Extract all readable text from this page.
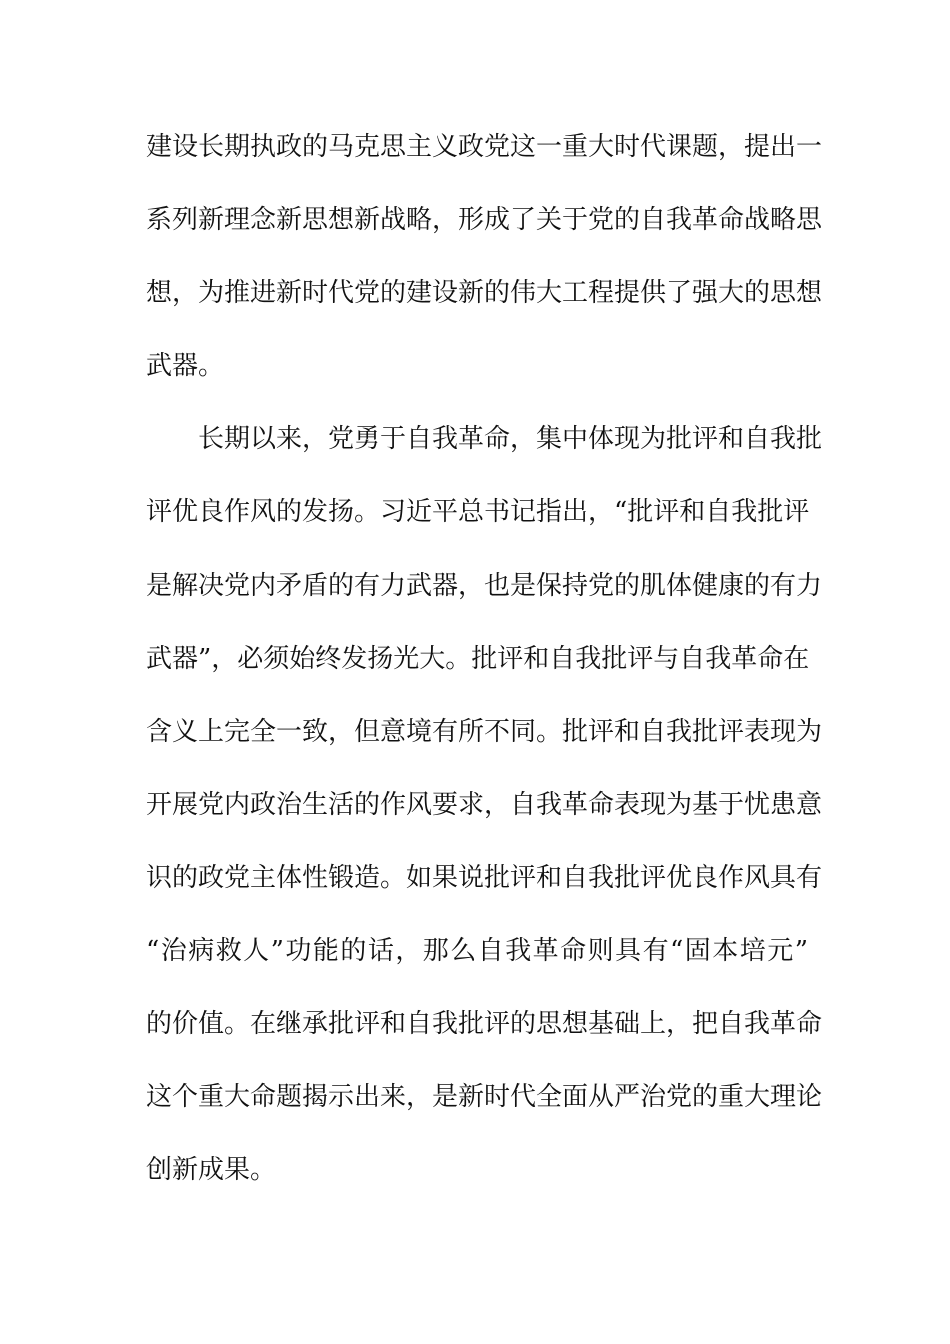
建设长期执政的马克思主义政党这一重大时代课题，提出一
系列新理念新思想新战略，形成了关于党的自我革命战略思
想，为推进新时代党的建设新的伟大工程提供了强大的思想
武器。
长期以来，党勇于自我革命，集中体现为批评和自我批
评优良作风的发扬。习近平总书记指出，“批评和自我批评
是解决党内矛盾的有力武器，也是保持党的肌体健康的有力
武器”，必须始终发扬光大。批评和自我批评与自我革命在
含义上完全一致，但意境有所不同。批评和自我批评表现为
开展党内政治生活的作风要求，自我革命表现为基于忧患意
识的政党主体性锻造。如果说批评和自我批评优良作风具有
“治病救人”功能的话，那么自我革命则具有“固本培元”
的价值。在继承批评和自我批评的思想基础上，把自我革命
这个重大命题揭示出来，是新时代全面从严治党的重大理论
创新成果。
